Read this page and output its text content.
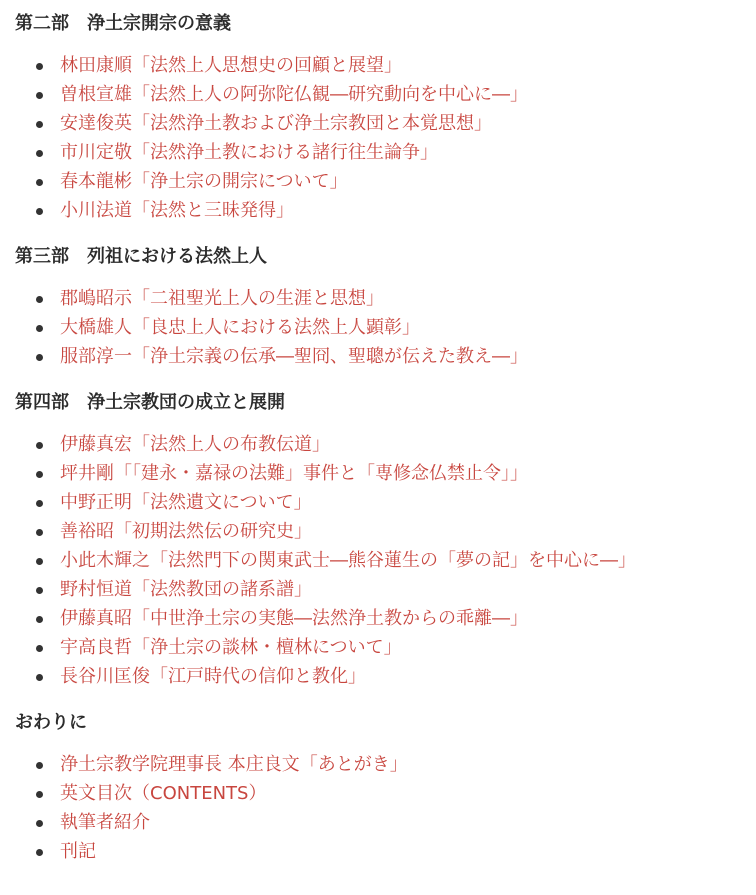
第二部　浄土宗開宗の意義
林田康順「法然上人思想史の回顧と展望」
曽根宣雄「法然上人の阿弥陀仏観―研究動向を中心に―」
安達俊英「法然浄土教および浄土宗教団と本覚思想」
市川定敬「法然浄土教における諸行往生論争」
春本龍彬「浄土宗の開宗について」
小川法道「法然と三昧発得」
第三部　列祖における法然上人
郡嶋昭示「二祖聖光上人の生涯と思想」
大橋雄人「良忠上人における法然上人顕彰」
服部淳一「浄土宗義の伝承―聖冏、聖聰が伝えた教え―」
第四部　浄土宗教団の成立と展開
伊藤真宏「法然上人の布教伝道」
坪井剛「「建永・嘉禄の法難」事件と「専修念仏禁止令」」
中野正明「法然遺文について」
善裕昭「初期法然伝の研究史」
小此木輝之「法然門下の関東武士―熊谷蓮生の「夢の記」を中心に―」
野村恒道「法然教団の諸系譜」
伊藤真昭「中世浄土宗の実態―法然浄土教からの乖離―」
宇高良哲「浄土宗の談林・檀林について」
長谷川匡俊「江戸時代の信仰と教化」
おわりに
浄土宗教学院理事長 本庄良文「あとがき」
英文目次（CONTENTS）
執筆者紹介
刊記
